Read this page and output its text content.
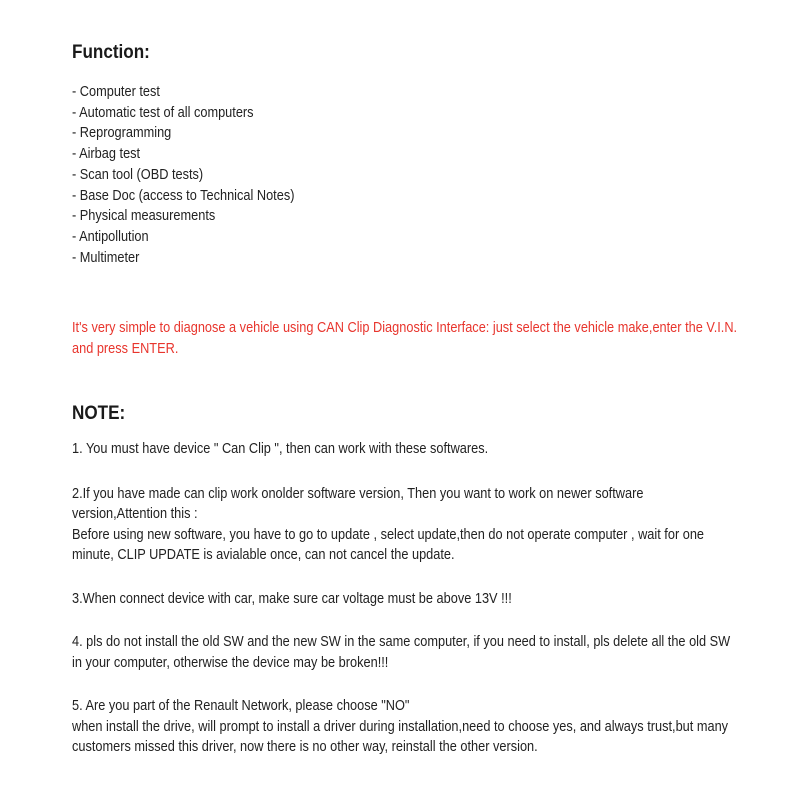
Function:
- Computer test
- Automatic test of all computers
- Reprogramming
- Airbag test
- Scan tool (OBD tests)
- Base Doc (access to Technical Notes)
- Physical measurements
- Antipollution
- Multimeter
It's very simple to diagnose a vehicle using CAN Clip Diagnostic Interface: just select the vehicle make,enter the V.I.N.
and press ENTER.
NOTE:
1. You must have device " Can Clip ", then can work with these softwares.
2.If you have made can clip work onolder software version, Then you want to work on newer software
version,Attention this :
Before using new software, you have to go to update , select update,then do not operate computer , wait for one
minute, CLIP UPDATE is avialable once, can not cancel the update.
3.When connect device with car, make sure car voltage must be above 13V !!!
4. pls do not install the old SW and the new SW in the same computer, if you need to install, pls delete all the old SW
in your computer, otherwise the device may be broken!!!
5. Are you part of the Renault Network, please choose "NO"
when install the drive, will prompt to install a driver during installation,need to choose yes, and always trust,but many
customers missed this driver, now there is no other way, reinstall the other version.
